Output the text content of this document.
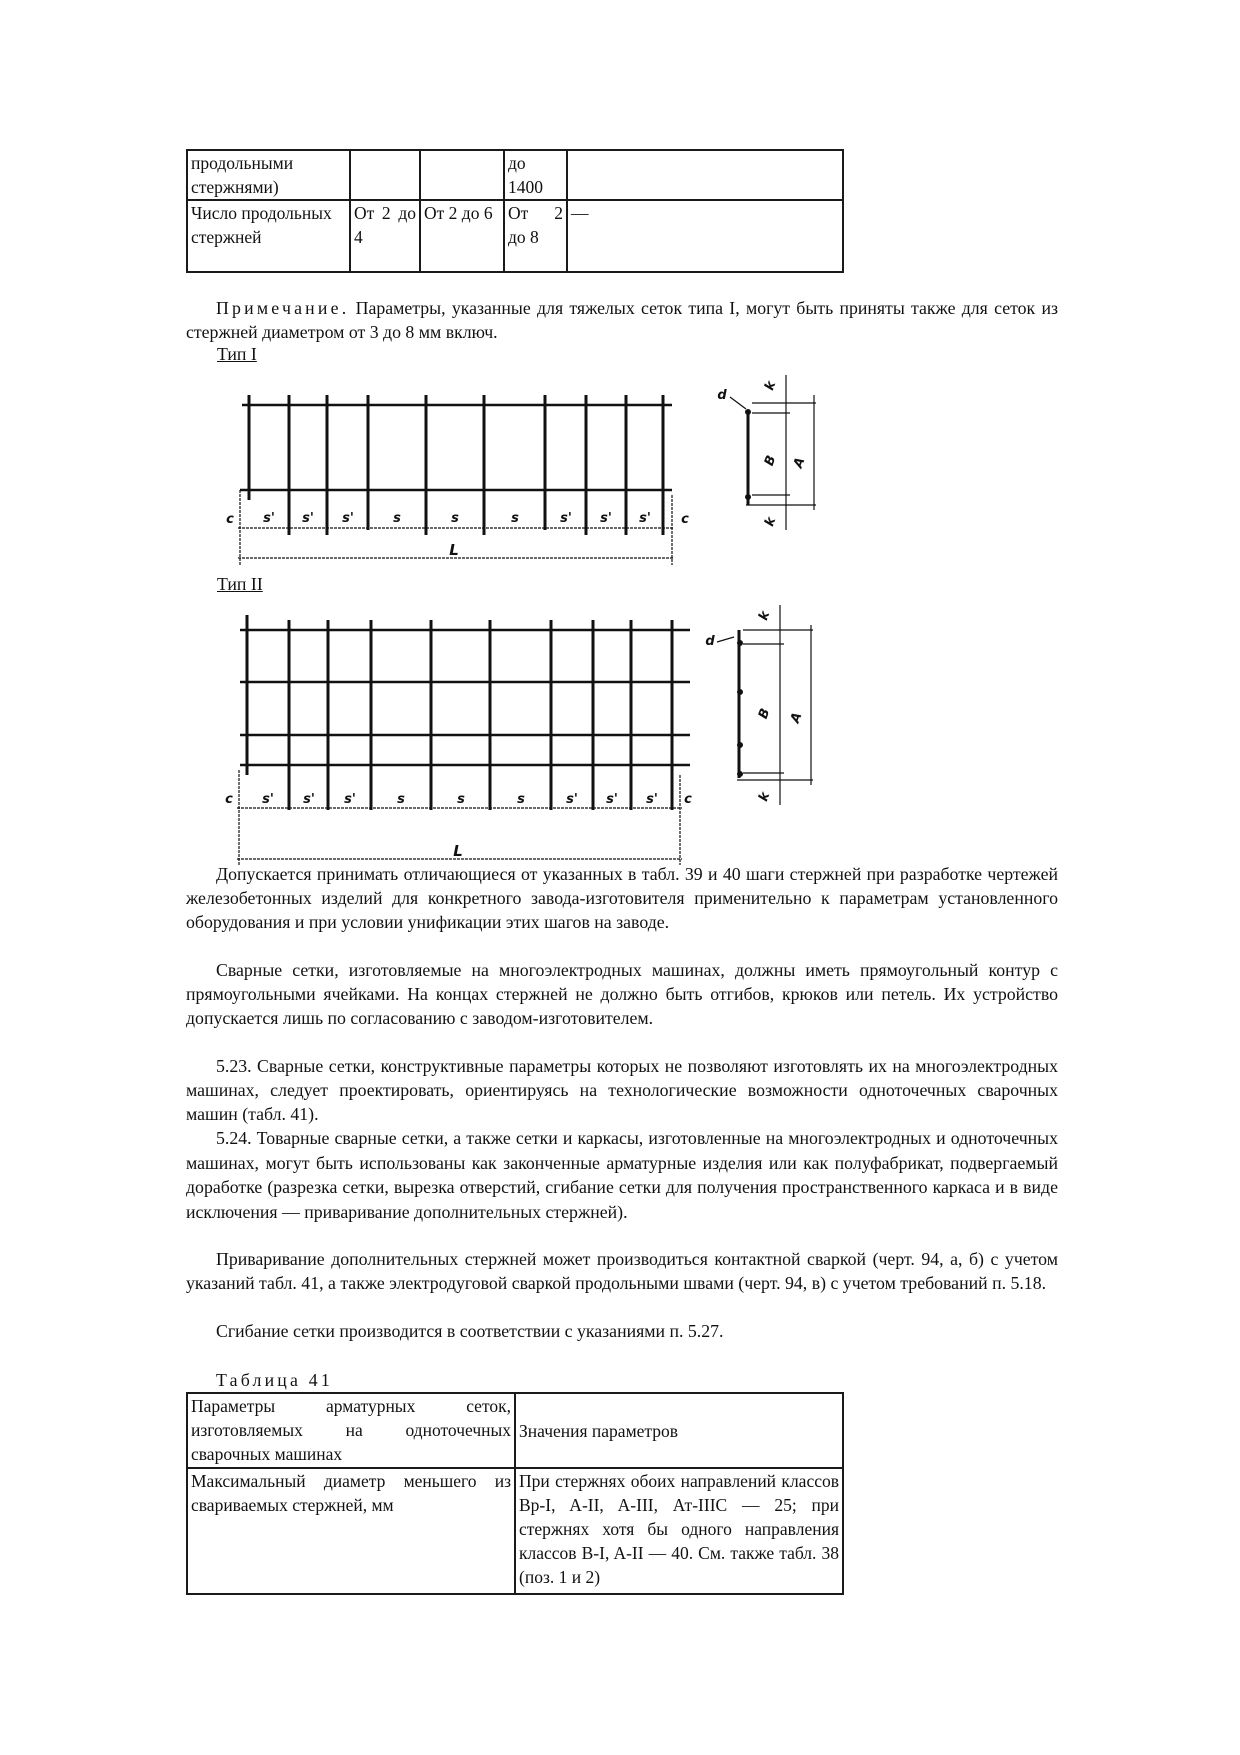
продольными стержнями)			до 1400	
Число продольных стержней	От 2 до 4	От 2 до 6	От 2 до 8	—
Примечание. Параметры, указанные для тяжелых сеток типа I, могут быть приняты также для сеток из стержней диаметром от 3 до 8 мм включ.
Тип I
c s' s' s'	s	s	s	s' s' s' c
L
d
k
B A
k
Тип II
c s' s' s'	s	s	s	s' s' s' c
L
d
k
B A
k
Допускается принимать отличающиеся от указанных в табл. 39 и 40 шаги стержней при разработке чертежей железобетонных изделий для конкретного завода-изготовителя применительно к параметрам установленного оборудования и при условии унификации этих шагов на заводе.
Сварные сетки, изготовляемые на многоэлектродных машинах, должны иметь прямоугольный контур с прямоугольными ячейками. На концах стержней не должно быть отгибов, крюков или петель. Их устройство допускается лишь по согласованию с заводом-изготовителем.
5.23. Сварные сетки, конструктивные параметры которых не позволяют изготовлять их на многоэлектродных машинах, следует проектировать, ориентируясь на технологические возможности одноточечных сварочных машин (табл. 41).
5.24. Товарные сварные сетки, а также сетки и каркасы, изготовленные на многоэлектродных и одноточечных машинах, могут быть использованы как законченные арматурные изделия или как полуфабрикат, подвергаемый доработке (разрезка сетки, вырезка отверстий, сгибание сетки для получения пространственного каркаса и в виде исключения — приваривание дополнительных стержней).
Приваривание дополнительных стержней может производиться контактной сваркой (черт. 94, а, б) с учетом указаний табл. 41, а также электродуговой сваркой продольными швами (черт. 94, в) с учетом требований п. 5.18.
Сгибание сетки производится в соответствии с указаниями п. 5.27.
Таблица 41
Параметры арматурных сеток, изготовляемых на одноточечных сварочных машинах	Значения параметров
Максимальный диаметр меньшего из свариваемых стержней, мм	При стержнях обоих направлений классов Вр-I, A-II, A-III, Ат-IIIС — 25; при стержнях хотя бы одного направления классов В-I, A-II — 40. См. также табл. 38 (поз. 1 и 2)
